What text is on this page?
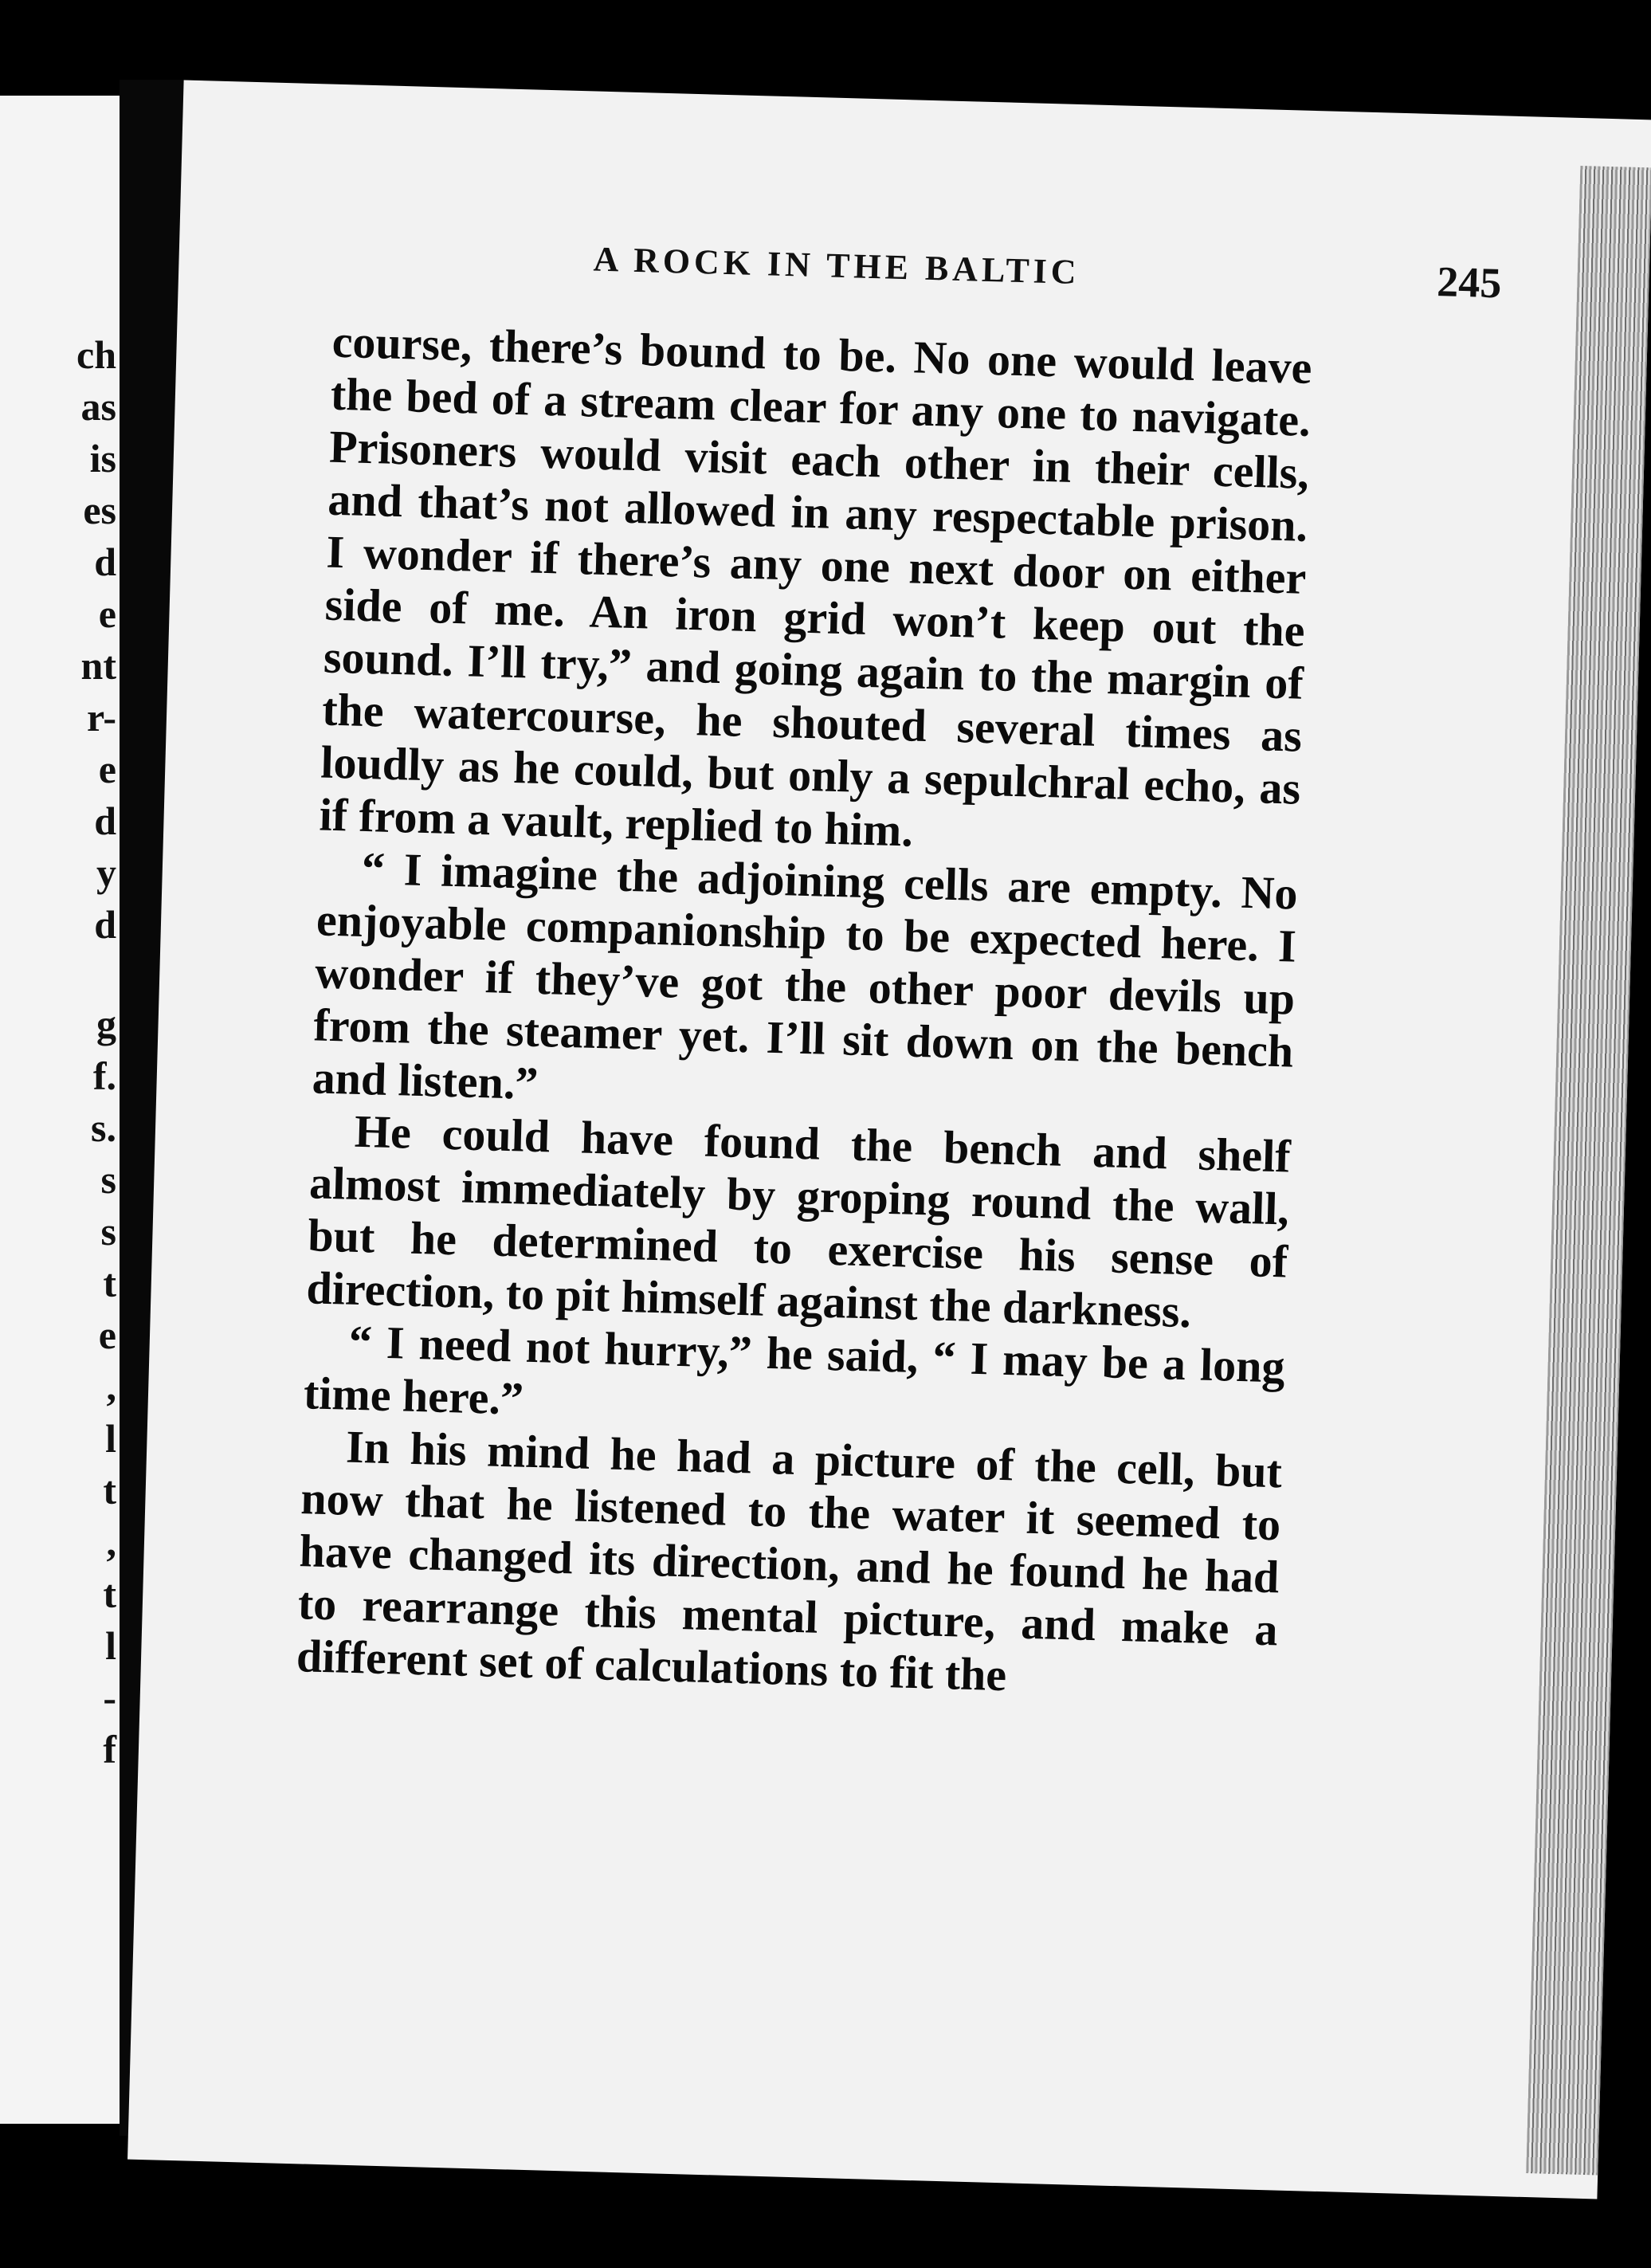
ch
as
is
es
d
e
nt
r-
e
d
y
d
g
f.
s.
s
s
t
e
,
l
t
,
t
l
-
f
A ROCK IN THE BALTIC	245

course, there’s bound to be. No one would leave the bed of a stream clear for any one to navigate. Prisoners would visit each other in their cells, and that’s not allowed in any respectable prison. I wonder if there’s any one next door on either side of me. An iron grid won’t keep out the sound. I’ll try,” and going again to the margin of the watercourse, he shouted several times as loudly as he could, but only a sepulchral echo, as if from a vault, replied to him.

“ I imagine the adjoining cells are empty. No enjoyable companionship to be expected here. I wonder if they’ve got the other poor devils up from the steamer yet. I’ll sit down on the bench and listen.”

He could have found the bench and shelf almost immediately by groping round the wall, but he determined to exercise his sense of direction, to pit himself against the darkness.

“ I need not hurry,” he said, “ I may be a long time here.”

In his mind he had a picture of the cell, but now that he listened to the water it seemed to have changed its direction, and he found he had to rearrange this mental picture, and make a different set of calculations to fit the
